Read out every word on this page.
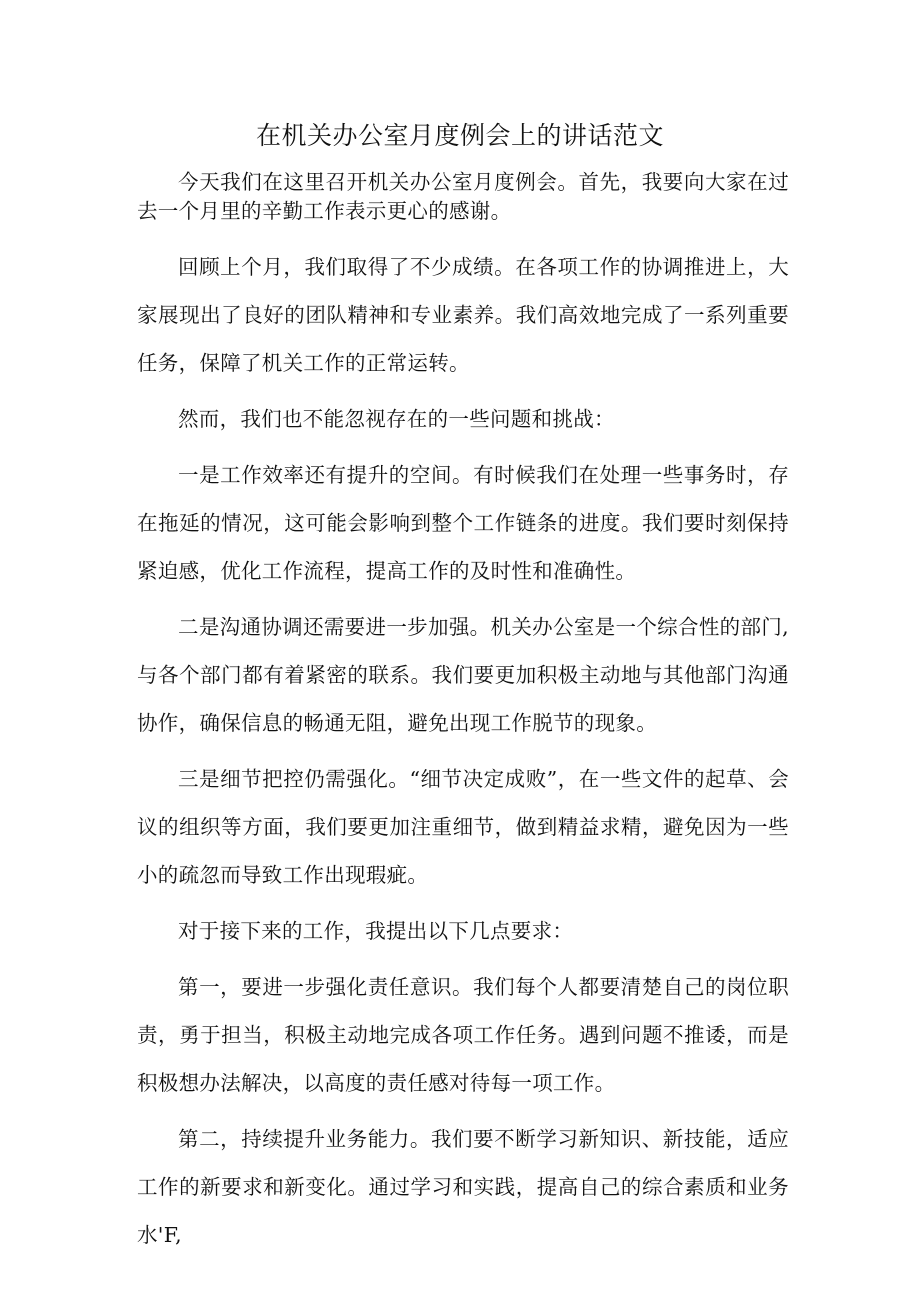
在机关办公室月度例会上的讲话范文

今天我们在这里召开机关办公室月度例会。首先，我要向大家在过去一个月里的辛勤工作表示更心的感谢。

回顾上个月，我们取得了不少成绩。在各项工作的协调推进上，大家展现出了良好的团队精神和专业素养。我们高效地完成了一系列重要任务，保障了机关工作的正常运转。

然而，我们也不能忽视存在的一些问题和挑战：

一是工作效率还有提升的空间。有时候我们在处理一些事务时，存在拖延的情况，这可能会影响到整个工作链条的进度。我们要时刻保持紧迫感，优化工作流程，提高工作的及时性和准确性。

二是沟通协调还需要进一步加强。机关办公室是一个综合性的部门,与各个部门都有着紧密的联系。我们要更加积极主动地与其他部门沟通协作，确保信息的畅通无阻，避免出现工作脱节的现象。

三是细节把控仍需强化。“细节决定成败”，在一些文件的起草、会议的组织等方面，我们要更加注重细节，做到精益求精，避免因为一些小的疏忽而导致工作出现瑕疵。

对于接下来的工作，我提出以下几点要求：

第一，要进一步强化责任意识。我们每个人都要清楚自己的岗位职责，勇于担当，积极主动地完成各项工作任务。遇到问题不推诿，而是积极想办法解决，以高度的责任感对待每一项工作。

第二，持续提升业务能力。我们要不断学习新知识、新技能，适应工作的新要求和新变化。通过学习和实践，提高自己的综合素质和业务水'F,
